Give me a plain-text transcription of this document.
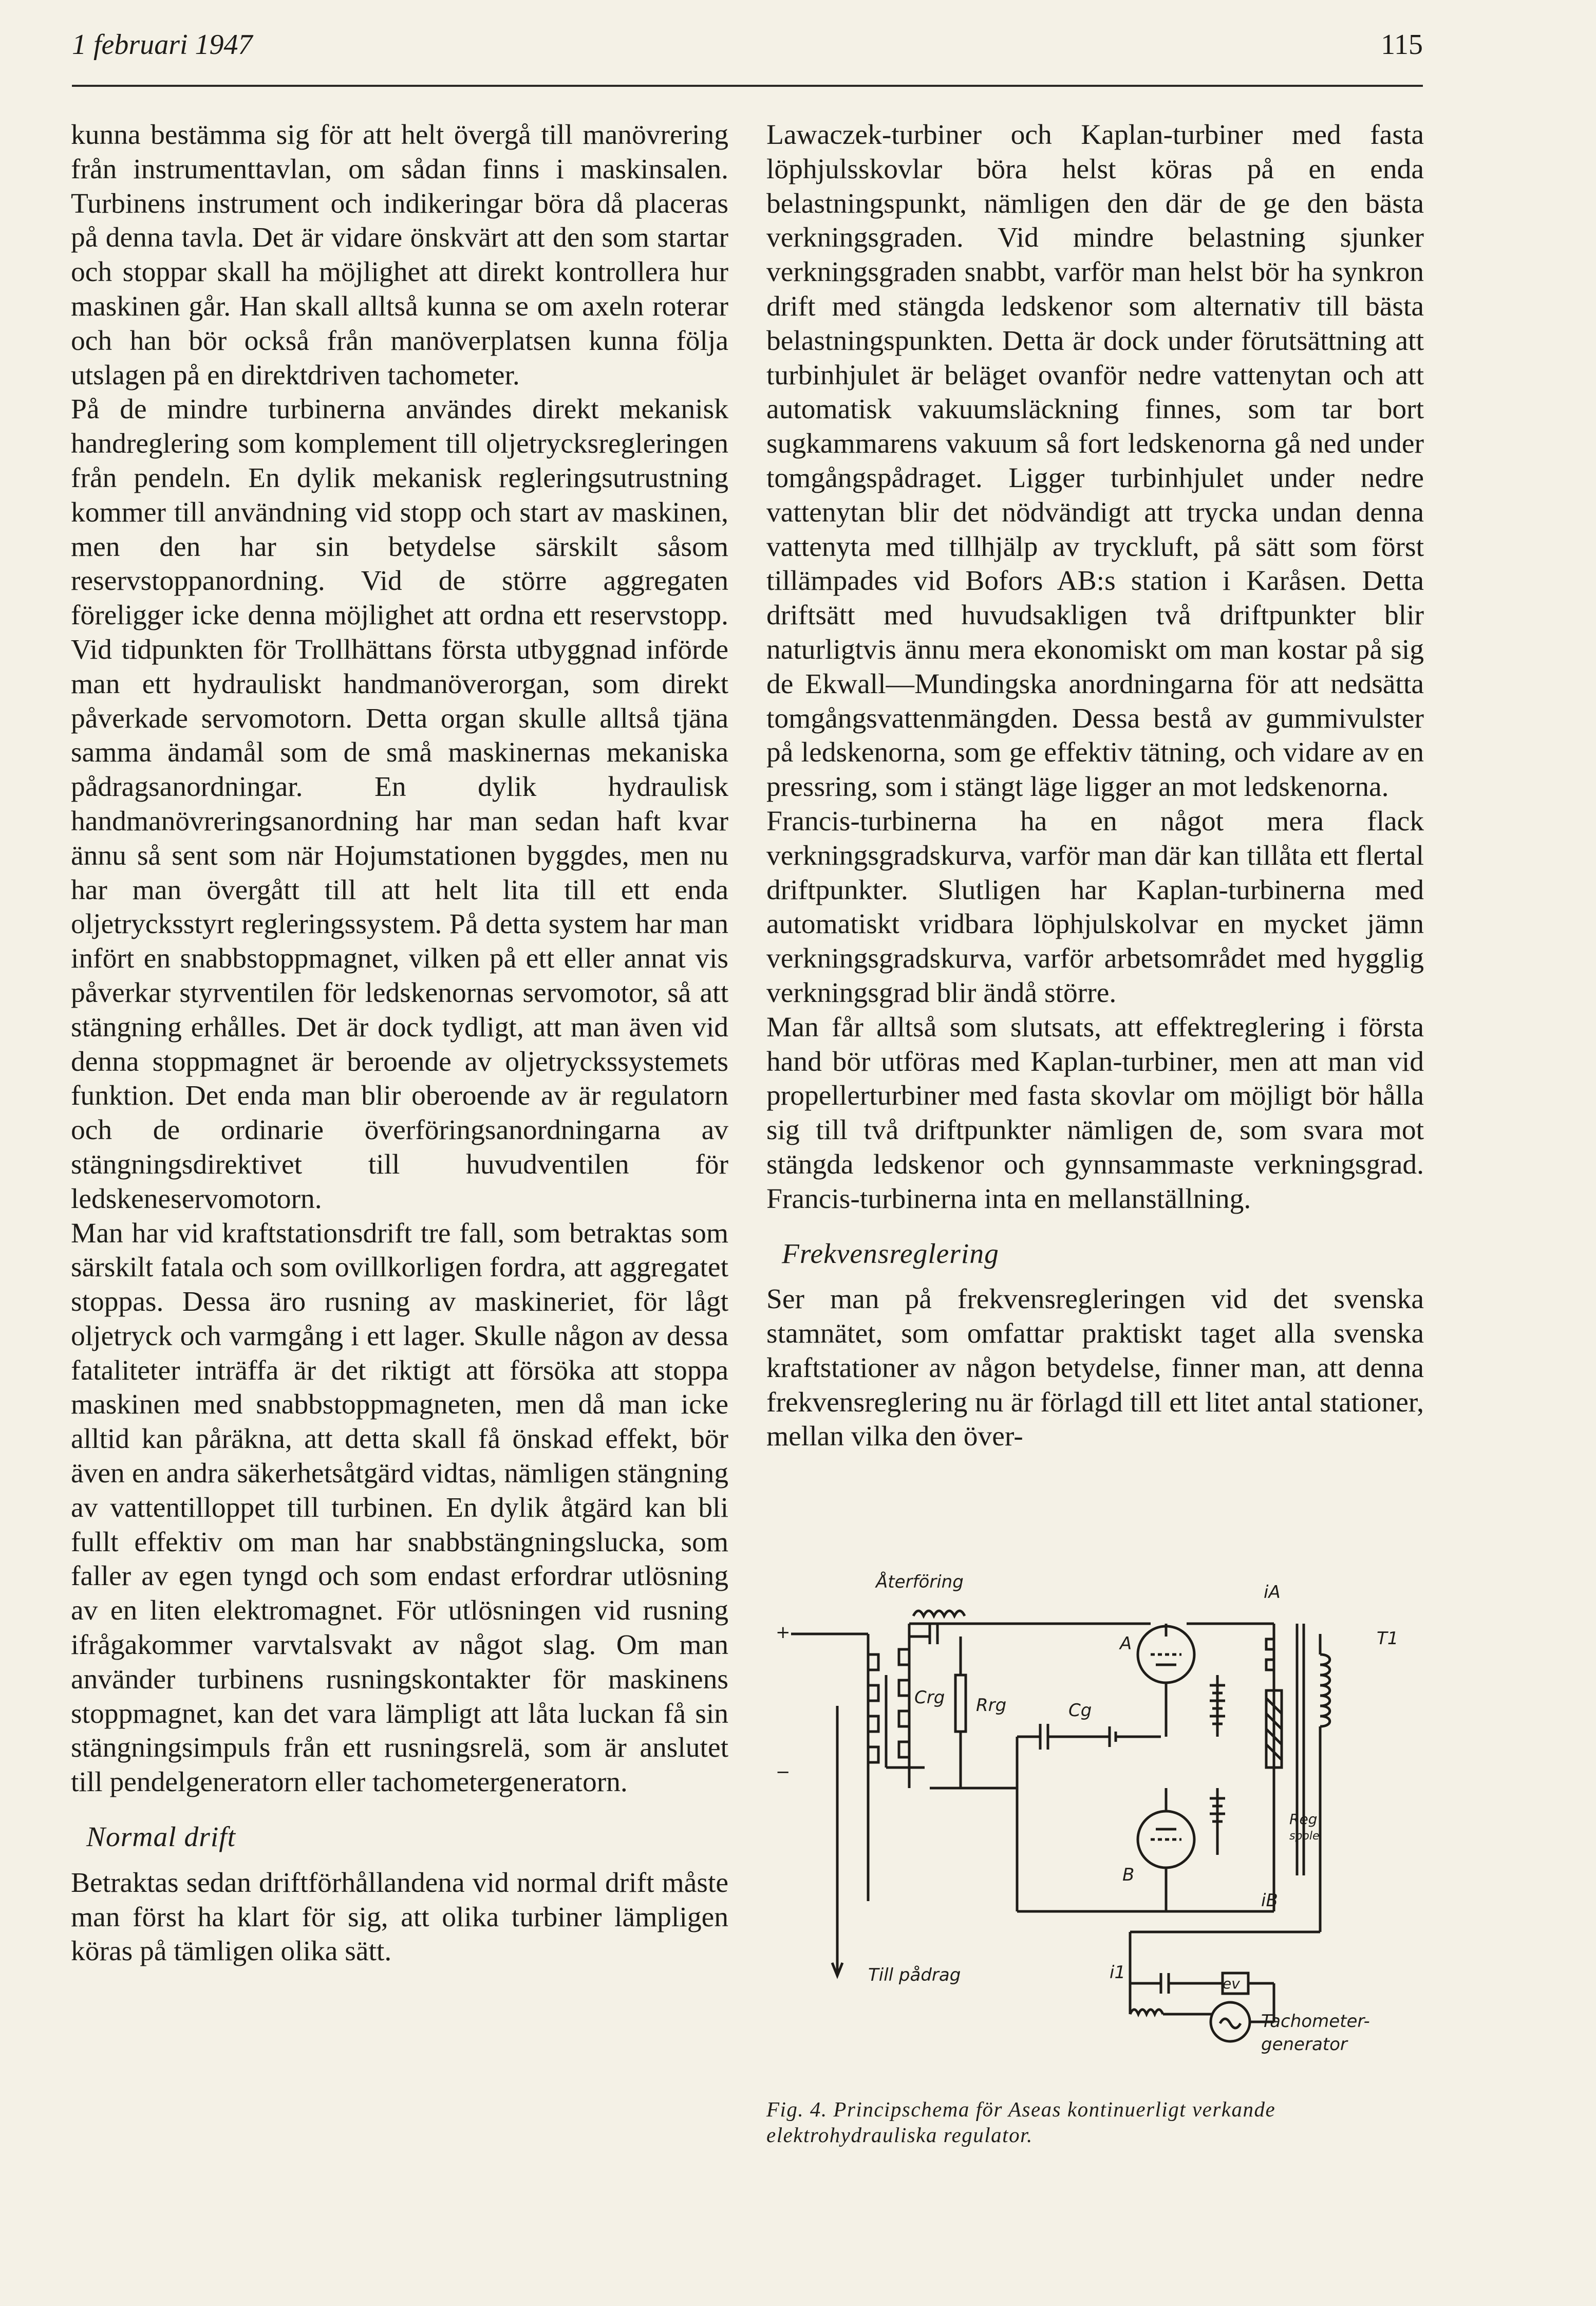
1 februari 1947	115

kunna bestämma sig för att helt övergå till manövrering från instrumenttavlan, om sådan finns i maskinsalen. Turbinens instrument och indikeringar böra då placeras på denna tavla. Det är vidare önskvärt att den som startar och stoppar skall ha möjlighet att direkt kontrollera hur maskinen går. Han skall alltså kunna se om axeln roterar och han bör också från manöverplatsen kunna följa utslagen på en direktdriven tachometer.

På de mindre turbinerna användes direkt mekanisk handreglering som komplement till oljetrycksregleringen från pendeln. En dylik mekanisk regleringsutrustning kommer till användning vid stopp och start av maskinen, men den har sin betydelse särskilt såsom reservstoppanordning. Vid de större aggregaten föreligger icke denna möjlighet att ordna ett reservstopp. Vid tidpunkten för Trollhättans första utbyggnad införde man ett hydrauliskt handmanöverorgan, som direkt påverkade servomotorn. Detta organ skulle alltså tjäna samma ändamål som de små maskinernas mekaniska pådragsanordningar. En dylik hydraulisk handmanövreringsanordning har man sedan haft kvar ännu så sent som när Hojumstationen byggdes, men nu har man övergått till att helt lita till ett enda oljetrycksstyrt regleringssystem. På detta system har man infört en snabbstoppmagnet, vilken på ett eller annat vis påverkar styrventilen för ledskenornas servomotor, så att stängning erhålles. Det är dock tydligt, att man även vid denna stoppmagnet är beroende av oljetryckssystemets funktion. Det enda man blir oberoende av är regulatorn och de ordinarie överföringsanordningarna av stängningsdirektivet till huvudventilen för ledskeneservomotorn.

Man har vid kraftstationsdrift tre fall, som betraktas som särskilt fatala och som ovillkorligen fordra, att aggregatet stoppas. Dessa äro rusning av maskineriet, för lågt oljetryck och varmgång i ett lager. Skulle någon av dessa fataliteter inträffa är det riktigt att försöka att stoppa maskinen med snabbstoppmagneten, men då man icke alltid kan påräkna, att detta skall få önskad effekt, bör även en andra säkerhetsåtgärd vidtas, nämligen stängning av vattentilloppet till turbinen. En dylik åtgärd kan bli fullt effektiv om man har snabbstängningslucka, som faller av egen tyngd och som endast erfordrar utlösning av en liten elektromagnet. För utlösningen vid rusning ifrågakommer varvtalsvakt av något slag. Om man använder turbinens rusningskontakter för maskinens stoppmagnet, kan det vara lämpligt att låta luckan få sin stängningsimpuls från ett rusningsrelä, som är anslutet till pendelgeneratorn eller tachometergeneratorn.

Normal drift

Betraktas sedan driftförhållandena vid normal drift måste man först ha klart för sig, att olika turbiner lämpligen köras på tämligen olika sätt.

Lawaczek-turbiner och Kaplan-turbiner med fasta löphjulsskovlar böra helst köras på en enda belastningspunkt, nämligen den där de ge den bästa verkningsgraden. Vid mindre belastning sjunker verkningsgraden snabbt, varför man helst bör ha synkron drift med stängda ledskenor som alternativ till bästa belastningspunkten. Detta är dock under förutsättning att turbinhjulet är beläget ovanför nedre vattenytan och att automatisk vakuumsläckning finnes, som tar bort sugkammarens vakuum så fort ledskenorna gå ned under tomgångspådraget. Ligger turbinhjulet under nedre vattenytan blir det nödvändigt att trycka undan denna vattenyta med tillhjälp av tryckluft, på sätt som först tillämpades vid Bofors AB:s station i Karåsen. Detta driftsätt med huvudsakligen två driftpunkter blir naturligtvis ännu mera ekonomiskt om man kostar på sig de Ekwall—Mundingska anordningarna för att nedsätta tomgångsvattenmängden. Dessa bestå av gummivulster på ledskenorna, som ge effektiv tätning, och vidare av en pressring, som i stängt läge ligger an mot ledskenorna.

Francis-turbinerna ha en något mera flack verkningsgradskurva, varför man där kan tillåta ett flertal driftpunkter. Slutligen har Kaplan-turbinerna med automatiskt vridbara löphjulskolvar en mycket jämn verkningsgradskurva, varför arbetsområdet med hygglig verkningsgrad blir ändå större.

Man får alltså som slutsats, att effektreglering i första hand bör utföras med Kaplan-turbiner, men att man vid propellerturbiner med fasta skovlar om möjligt bör hålla sig till två driftpunkter nämligen de, som svara mot stängda ledskenor och gynnsammaste verkningsgrad. Francis-turbinerna inta en mellanställning.

Frekvensreglering

Ser man på frekvensregleringen vid det svenska stamnätet, som omfattar praktiskt taget alla svenska kraftstationer av någon betydelse, finner man, att denna frekvensreglering nu är förlagd till ett litet antal stationer, mellan vilka den över-

Återföring
+
−
Crg Rrg	Cg
A
B
iA
iB
T1
Reg
spole
Till pådrag	i1
ev
Tachometer-
generator
Fig. 4. Principschema för Aseas kontinuerligt verkande elektrohydrauliska regulator.
